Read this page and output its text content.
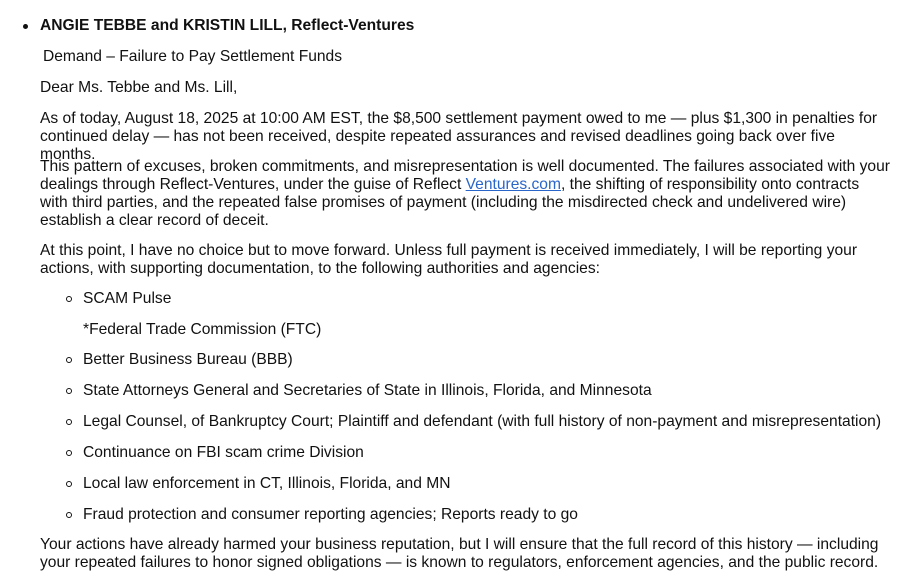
ANGIE TEBBE and KRISTIN LILL, Reflect-Ventures
Demand – Failure to Pay Settlement Funds
Dear Ms. Tebbe and Ms. Lill,
As of today, August 18, 2025 at 10:00 AM EST, the $8,500 settlement payment owed to me — plus $1,300 in penalties for continued delay — has not been received, despite repeated assurances and revised deadlines going back over five months.
This pattern of excuses, broken commitments, and misrepresentation is well documented. The failures associated with your dealings through Reflect-Ventures, under the guise of Reflect Ventures.com, the shifting of responsibility onto contracts with third parties, and the repeated false promises of payment (including the misdirected check and undelivered wire) establish a clear record of deceit.
At this point, I have no choice but to move forward. Unless full payment is received immediately, I will be reporting your actions, with supporting documentation, to the following authorities and agencies:
SCAM Pulse
*Federal Trade Commission (FTC)
Better Business Bureau (BBB)
State Attorneys General and Secretaries of State in Illinois, Florida, and Minnesota
Legal Counsel, of Bankruptcy Court; Plaintiff and defendant (with full history of non-payment and misrepresentation)
Continuance on FBI scam crime Division
Local law enforcement in CT, Illinois, Florida, and MN
Fraud protection and consumer reporting agencies; Reports ready to go
Your actions have already harmed your business reputation, but I will ensure that the full record of this history — including your repeated failures to honor signed obligations — is known to regulators, enforcement agencies, and the public record.
